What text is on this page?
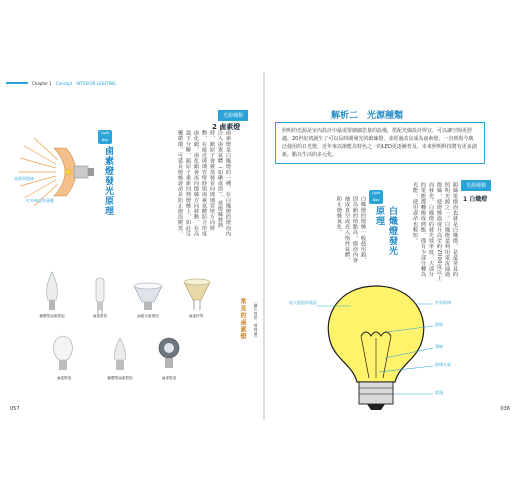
Chapter 1 Concept INTERIOR LIGHTING
鹵素燈燈絲
紅外線反射薄膜
Light
Box
鹵素燈發光原理	鹵素燈是白熾燈的一種，在白熾燈的燈泡內注入鹵素氣體（如碘或溴），當燈絲發熱時，鎢原子會被蒸發並向玻璃管壁方向移動，在接近玻璃管壁時與鹵素氣體結合形成鹵化鎢，鹵化鎢會再向燈絲方向移動，在高溫下分解，鎢原子重新回到燈絲上，如此反覆循環，可延長燈絲壽命並防止燈泡變黑。
光源種類
2 鹵素燈
常見的鹵素燈	（圖片提供：飛利浦）
蠟燭型鹵素燈泡	鹵素燈管	鹵素反射燈泡	鹵素杯燈
鹵素燈泡	蠟燭型鹵素燈泡	鹵素燈泡
057
解析二　光源種類
照明的光源是室內設計中最需要細細思量的設備，搭配光線設計得宜，可以讓空間更舒適。20世紀初誕生了可以長時間發光的鎢絲燈，並經過改良成為鹵素燈，一直到現今廣泛使用的日光燈，近年來以節能為特色之一的LED更逐漸普及，未來照明科技將有更多創新，點亮生活的多元化。
光源種類
1 白熾燈
鎢絲電燈泡也就是白熾燈，是最常見的照明光源之一。白熾燈是利用電流通過燈絲，使燈絲溫度升高至約2000度以上而發光。白熾燈的發光效率低，大部分的電能都轉換成熱能，僅有少部分轉為光能，使用壽命也較短。
Light
Box
白熾燈發光原理
白熾燈的燈絲一般使用鎢，因為鎢的熔點高，燈泡內會抽成真空或充入惰性氣體，防止燈絲氧化。
外殼玻璃
燈絲
導線
玻璃支架
燈頭
流入燈泡的電流
036
